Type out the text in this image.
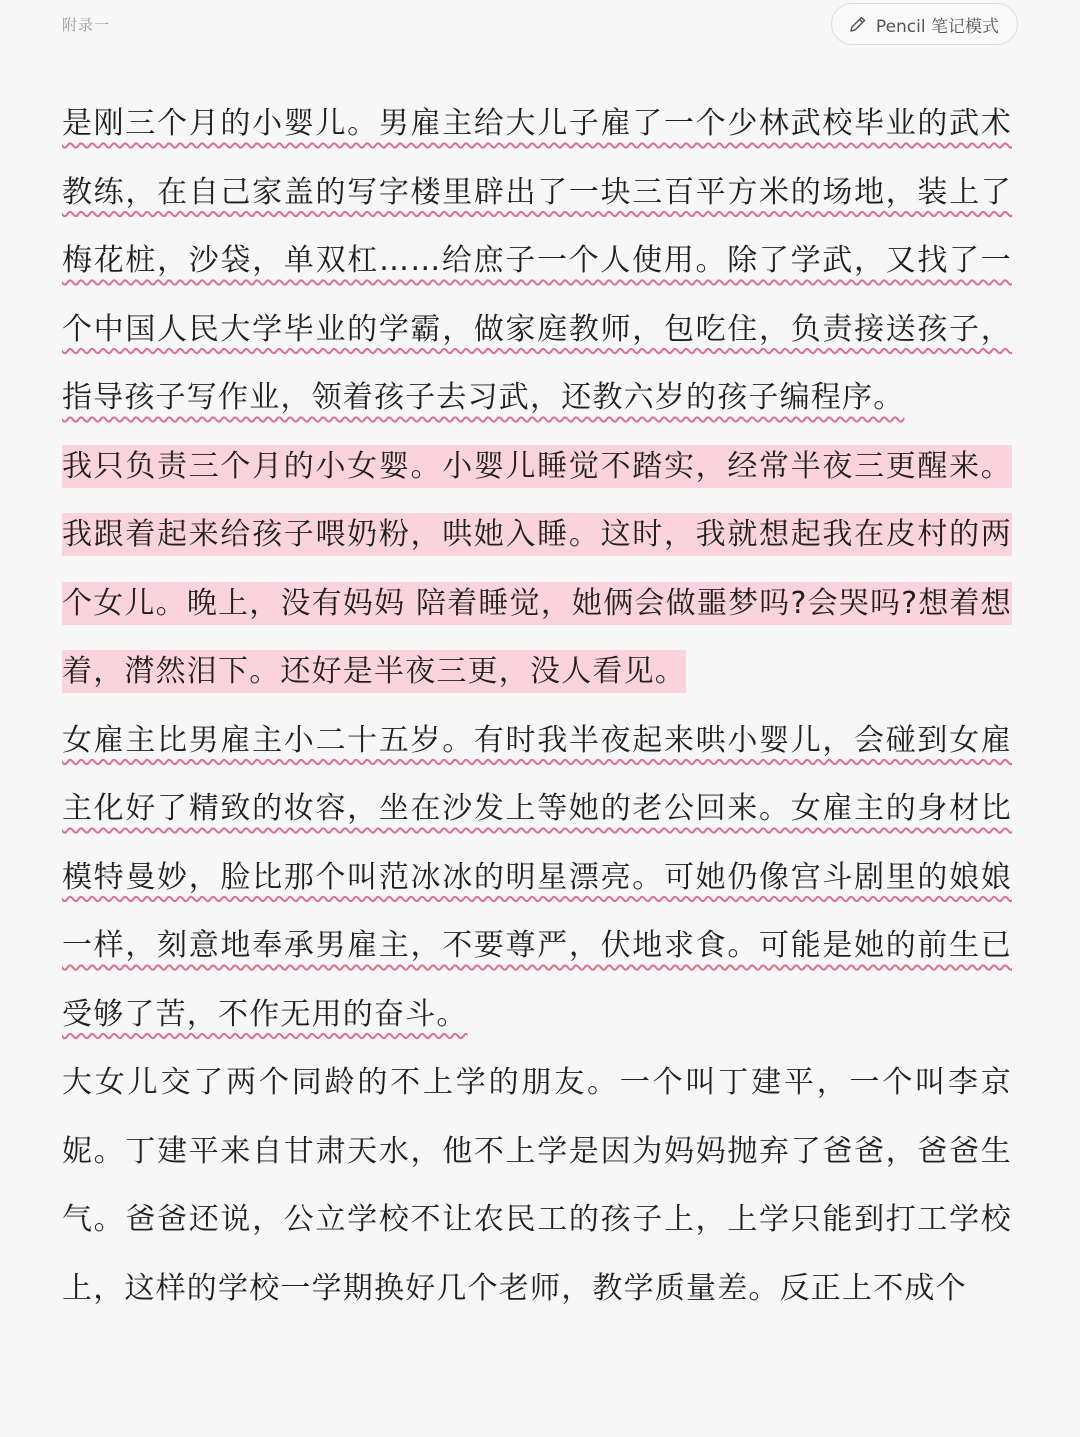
附录一	Pencil 笔记模式

是刚三个月的小婴儿。男雇主给大儿子雇了一个少林武校毕业的武术教练，在自己家盖的写字楼里辟出了一块三百平方米的场地，装上了梅花桩，沙袋，单双杠……给庶子一个人使用。除了学武，又找了一个中国人民大学毕业的学霸，做家庭教师，包吃住，负责接送孩子，指导孩子写作业，领着孩子去习武，还教六岁的孩子编程序。

我只负责三个月的小女婴。小婴儿睡觉不踏实，经常半夜三更醒来。我跟着起来给孩子喂奶粉，哄她入睡。这时，我就想起我在皮村的两个女儿。晚上，没有妈妈 陪着睡觉，她俩会做噩梦吗?会哭吗?想着想着，潸然泪下。还好是半夜三更，没人看见。

女雇主比男雇主小二十五岁。有时我半夜起来哄小婴儿，会碰到女雇主化好了精致的妆容，坐在沙发上等她的老公回来。女雇主的身材比模特曼妙，脸比那个叫范冰冰的明星漂亮。可她仍像宫斗剧里的娘娘一样，刻意地奉承男雇主，不要尊严，伏地求食。可能是她的前生已受够了苦，不作无用的奋斗。

大女儿交了两个同龄的不上学的朋友。一个叫丁建平，一个叫李京妮。丁建平来自甘肃天水，他不上学是因为妈妈抛弃了爸爸，爸爸生气。爸爸还说，公立学校不让农民工的孩子上，上学只能到打工学校上，这样的学校一学期换好几个老师，教学质量差。反正上不成个
